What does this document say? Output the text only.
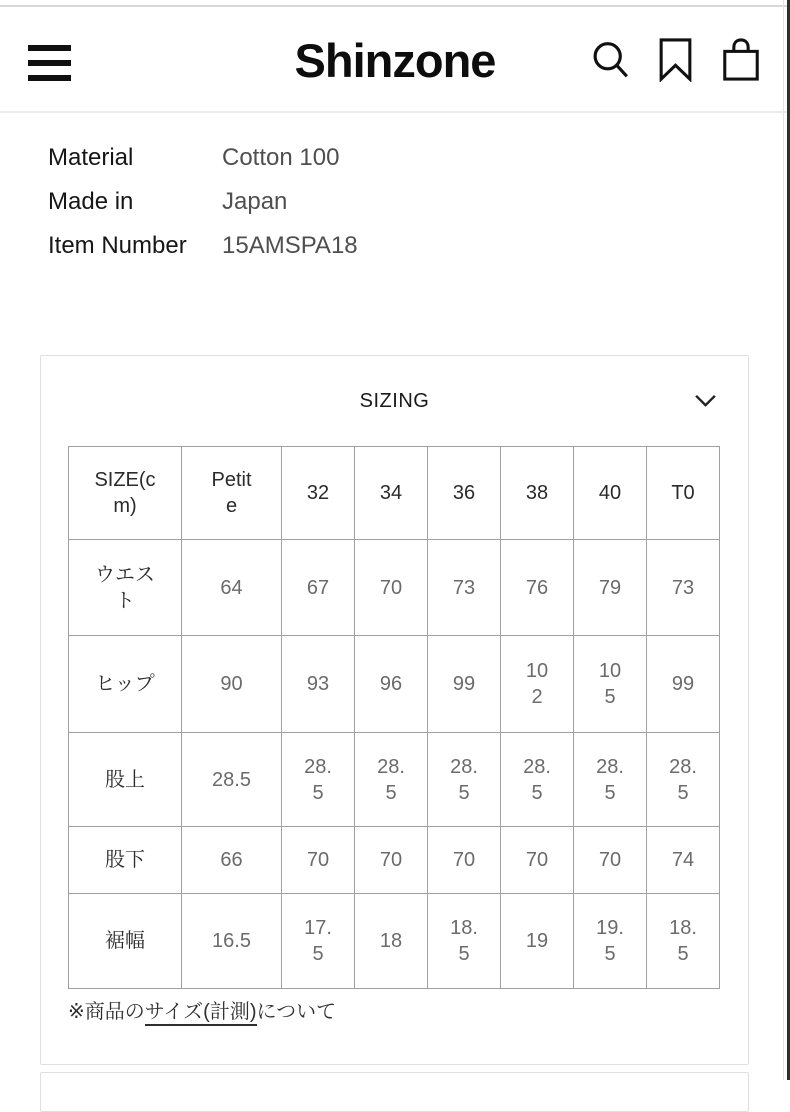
Shinzone
Material	Cotton 100
Made in	Japan
Item Number	15AMSPA18
SIZING
SIZE(cm)	Petite	32	34	36	38	40	T0
ウエスト	64	67	70	73	76	79	73
ヒップ	90	93	96	99	102	105	99
股上	28.5	28.5	28.5	28.5	28.5	28.5	28.5
股下	66	70	70	70	70	70	74
裾幅	16.5	17.5	18	18.5	19	19.5	18.5
※商品のサイズ(計測)について
